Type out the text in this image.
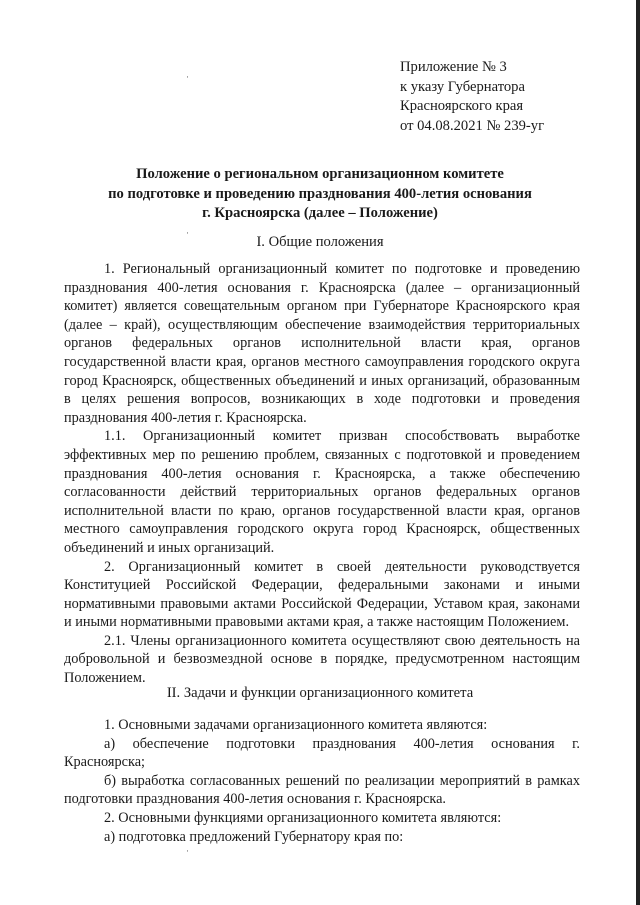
Приложение № 3
к указу Губернатора
Красноярского края
от 04.08.2021 № 239-уг
Положение о региональном организационном комитете
по подготовке и проведению празднования 400-летия основания
г. Красноярска (далее – Положение)
I. Общие положения

1. Региональный организационный комитет по подготовке и проведению празднования 400-летия основания г. Красноярска (далее – организационный комитет) является совещательным органом при Губернаторе Красноярского края (далее – край), осуществляющим обеспечение взаимодействия территориальных органов федеральных органов исполнительной власти края, органов государственной власти края, органов местного самоуправления городского округа город Красноярск, общественных объединений и иных организаций, образованным в целях решения вопросов, возникающих в ходе подготовки и проведения празднования 400-летия г. Красноярска.

1.1. Организационный комитет призван способствовать выработке эффективных мер по решению проблем, связанных с подготовкой и проведением празднования 400-летия основания г. Красноярска, а также обеспечению согласованности действий территориальных органов федеральных органов исполнительной власти по краю, органов государственной власти края, органов местного самоуправления городского округа город Красноярск, общественных объединений и иных организаций.

2. Организационный комитет в своей деятельности руководствуется Конституцией Российской Федерации, федеральными законами и иными нормативными правовыми актами Российской Федерации, Уставом края, законами и иными нормативными правовыми актами края, а также настоящим Положением.

2.1. Члены организационного комитета осуществляют свою деятельность на добровольной и безвозмездной основе в порядке, предусмотренном настоящим Положением.

II. Задачи и функции организационного комитета

1. Основными задачами организационного комитета являются:

а) обеспечение подготовки празднования 400-летия основания г. Красноярска;

б) выработка согласованных решений по реализации мероприятий в рамках подготовки празднования 400-летия основания г. Красноярска.

2. Основными функциями организационного комитета являются:

а) подготовка предложений Губернатору края по:

·
·
·
